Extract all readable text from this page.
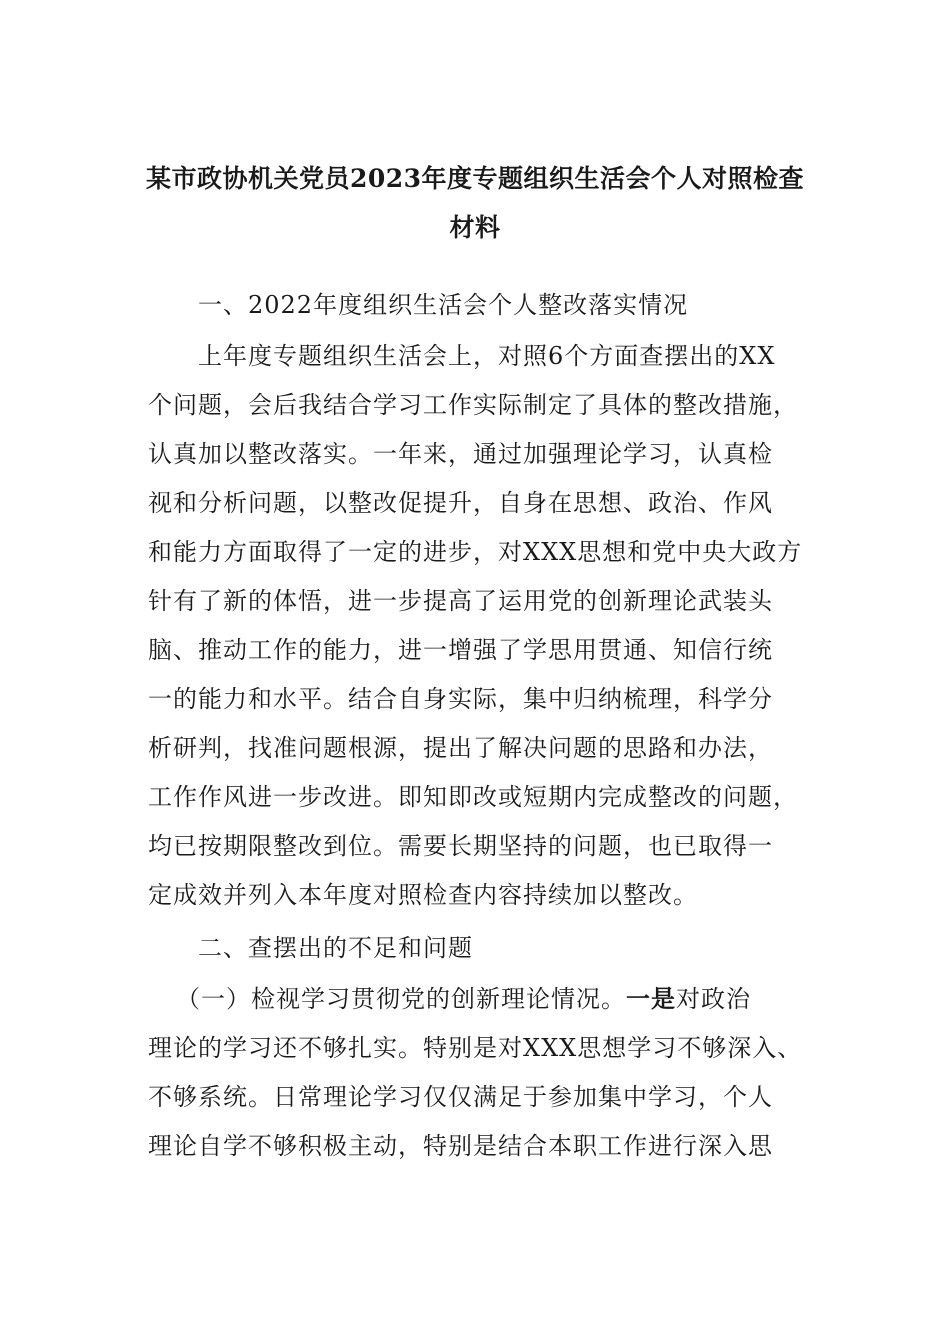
某市政协机关党员2023年度专题组织生活会个人对照检查
材料
一、2022年度组织生活会个人整改落实情况
上年度专题组织生活会上，对照6个方面查摆出的XX
个问题，会后我结合学习工作实际制定了具体的整改措施，
认真加以整改落实。一年来，通过加强理论学习，认真检
视和分析问题，以整改促提升，自身在思想、政治、作风
和能力方面取得了一定的进步，对XXX思想和党中央大政方
针有了新的体悟，进一步提高了运用党的创新理论武装头
脑、推动工作的能力，进一增强了学思用贯通、知信行统
一的能力和水平。结合自身实际，集中归纳梳理，科学分
析研判，找准问题根源，提出了解决问题的思路和办法，
工作作风进一步改进。即知即改或短期内完成整改的问题，
均已按期限整改到位。需要长期坚持的问题，也已取得一
定成效并列入本年度对照检查内容持续加以整改。
二、查摆出的不足和问题
（一）检视学习贯彻党的创新理论情况。一是对政治
理论的学习还不够扎实。特别是对XXX思想学习不够深入、
不够系统。日常理论学习仅仅满足于参加集中学习，个人
理论自学不够积极主动，特别是结合本职工作进行深入思
